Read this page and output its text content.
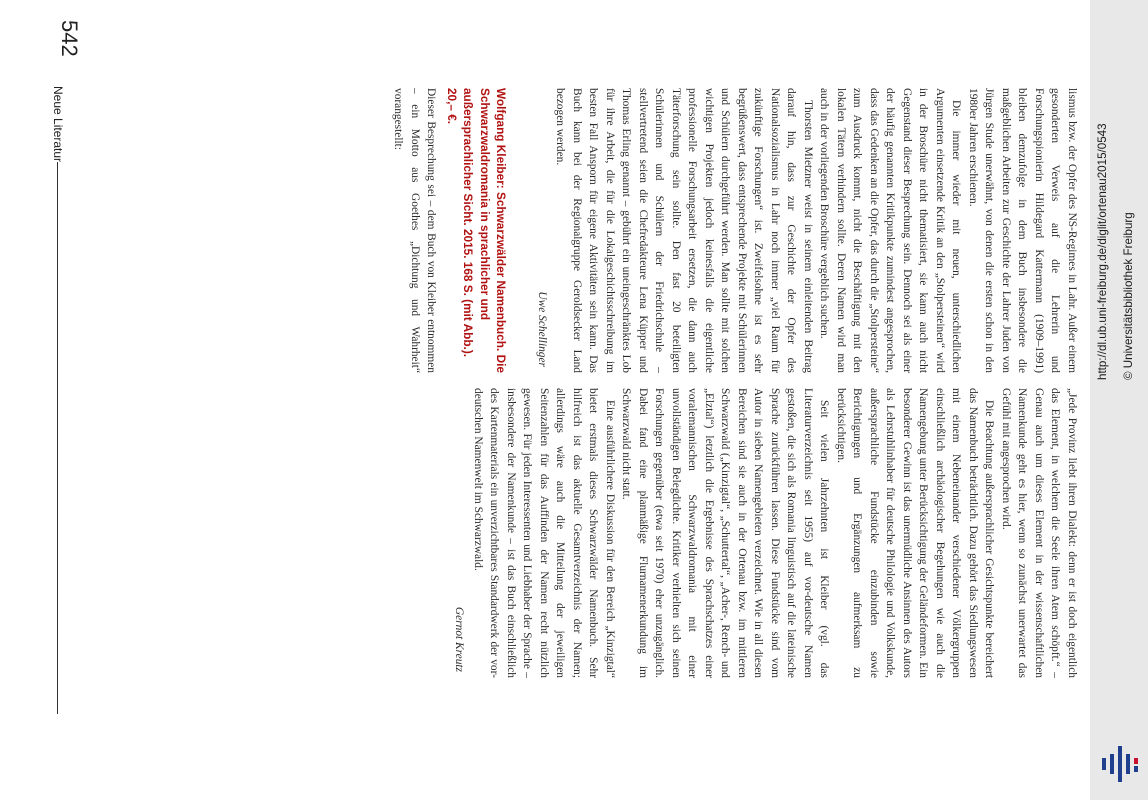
542
Neue Literatur	lismus bzw. der Opfer des NS-Regimes in Lahr. Außer einem gesonderten Verweis auf die Lehrerin und Forschungspionierin Hildegard Kattermann (1909–1991) bleiben demzufolge in dem Buch insbesondere die maßgeblichen Arbeiten zur Geschichte der Lahrer Juden von Jürgen Stude unerwähnt, von denen die ersten schon in den 1980er Jahren erschienen.

Die immer wieder mit neuen, unterschiedlichen Argumenten einsetzende Kritik an den „Stolpersteinen“ wird in der Broschüre nicht thematisiert, sie kann auch nicht Gegenstand dieser Besprechung sein. Dennoch sei als einer der häufig genannten Kritikpunkte zumindest angesprochen, dass das Gedenken an die Opfer, das durch die „Stolpersteine“ zum Ausdruck kommt, nicht die Beschäftigung mit den lokalen Tätern verhindern sollte. Deren Namen wird man auch in der vorliegenden Broschüre vergeblich suchen.

Thorsten Mietzner weist in seinem einleitenden Beitrag darauf hin, dass zur Geschichte der Opfer des Nationalsozialismus in Lahr noch immer „viel Raum für zukünftige Forschungen“ ist. Zweifelsohne ist es sehr begrüßenswert, dass entsprechende Projekte mit Schülerinnen und Schülern durchgeführt werden. Man sollte mit solchen wichtigen Projekten jedoch keinesfalls die eigentliche professionelle Forschungsarbeit ersetzen, die dann auch Täterforschung sein sollte. Den fast 20 beteiligten Schülerinnen und Schülern der Friedrichschule – stellvertretend seien die Chefredakteure Lena Küpper und Thomas Erling genannt – gebührt ein uneingeschränktes Lob für ihre Arbeit, die für die Lokalgeschichtsschreibung im besten Fall Ansporn für eigene Aktivitäten sein kann. Das Buch kann bei der Regionalgruppe Geroldsecker Land bezogen werden.

Uwe Schellinger
Wolfgang Kleiber: Schwarzwälder Namenbuch. Die Schwarzwaldromania in sprachlicher und außersprachlicher Sicht. 2015. 168 S. (mit Abb.). 20,– €.

Dieser Besprechung sei – dem Buch von Kleiber entnommen – ein Motto aus Goethes „Dichtung und Wahrheit“ vorangestellt:

„Jede Provinz liebt ihren Dialekt: denn er ist doch eigentlich das Element, in welchem die Seele ihren Atem schöpft.“ – Genau auch um dieses Element in der wissenschaftlichen Namenkunde geht es hier, wenn so zunächst unerwartet das Gefühl mit angesprochen wird.

Die Beachtung außersprachlicher Gesichtspunkte bereichert das Namenbuch beträchtlich. Dazu gehört das Siedlungswesen mit einem Nebeneinander verschiedener Völkergruppen einschließlich archäologischer Begehungen wie auch die Namengebung unter Berücksichtigung der Geländeformen. Ein besonderer Gewinn ist das unermüdliche Ansinnen des Autors als Lehrstuhlinhaber für deutsche Philologie und Volkskunde, außersprachliche Fundstücke einzubinden sowie Berichtigungen und Ergänzungen aufmerksam zu berücksichtigen.

Seit vielen Jahrzehnten ist Kleiber (vgl. das Literaturverzeichnis seit 1955) auf vor-deutsche Namen gestoßen, die sich als Romania linguistisch auf die lateinische Sprache zurückführen lassen. Diese Fundstücke sind vom Autor in sieben Namengebieten verzeichnet. Wie in all diesen Bereichen sind sie auch in der Ortenau bzw. im mittleren Schwarzwald („Kinzigtal“, „Schuttertal“, „Acher-, Rench- und „Elztal“) letztlich die Ergebnisse des Sprachschatzes einer voralemannischen Schwarzwaldromania mit einer unvollständigen Belegdichte. Kritiker verhielten sich seinen Forschungen gegenüber (etwa seit 1970) eher unzugänglich. Dabei fand eine planmäßige Flurnamenerkundung im Schwarzwald nicht statt.

Eine ausführlichere Diskussion für den Bereich „Kinzigtal“ bietet erstmals dieses Schwarzwälder Namenbuch. Sehr hilfreich ist das aktuelle Gesamtverzeichnis der Namen; allerdings wäre auch die Mitteilung der jeweiligen Seitenzahlen für das Auffinden der Namen recht nützlich gewesen. Für jeden Interessenten und Liebhaber der Sprache – insbesondere der Namenkunde – ist das Buch einschließlich des Kartenmaterials ein unverzichtbares Standardwerk der vor-deutschen Namenwelt im Schwarzwald.

Gernot Kreutz
http://dl.ub.uni-freiburg.de/diglit/ortenau2015/0543 © Universitätsbibliothek Freiburg
